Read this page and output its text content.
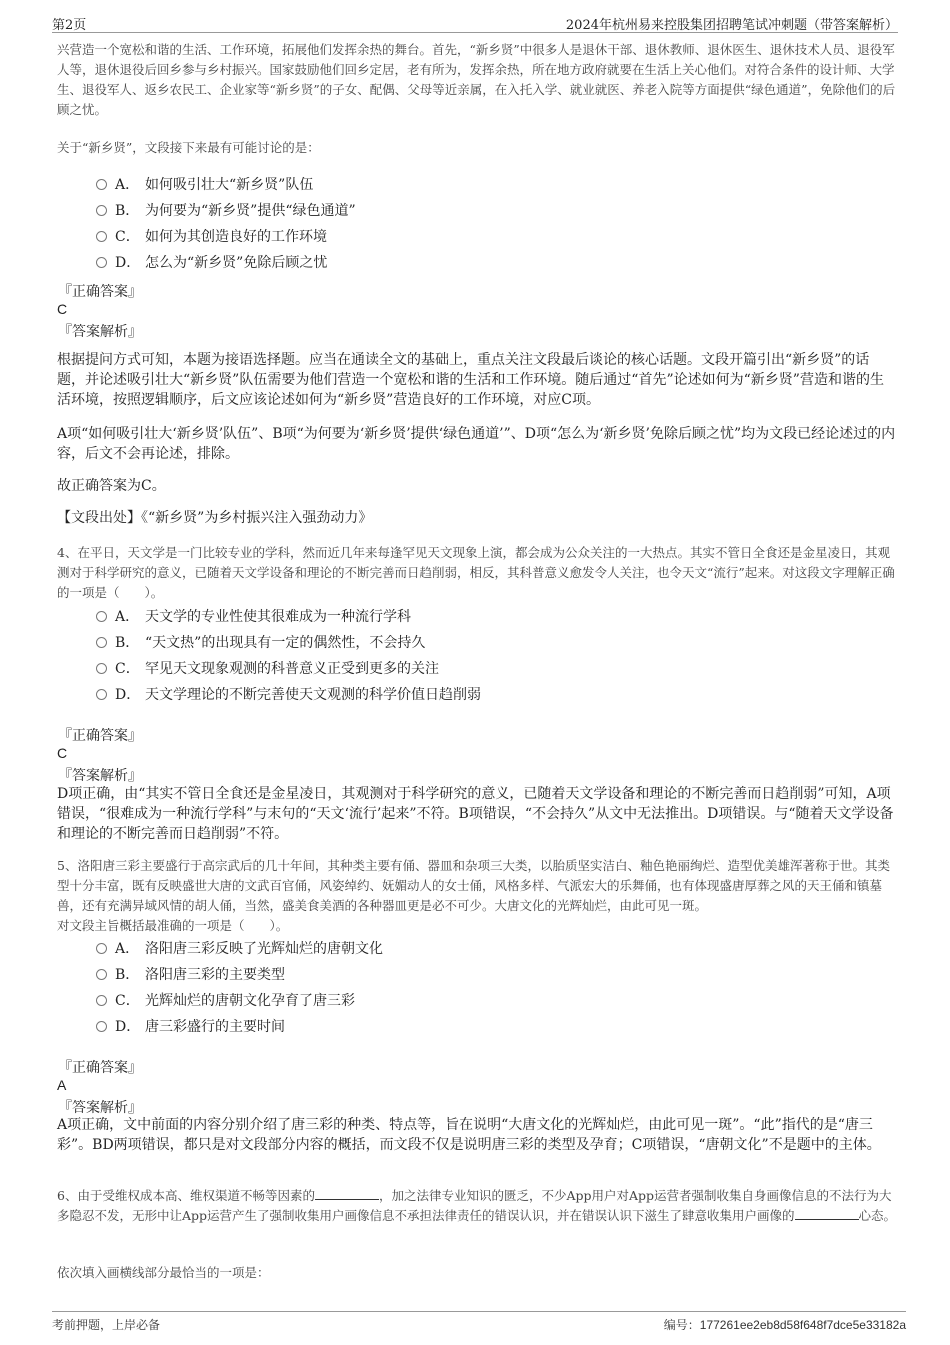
第2页	2024年杭州易来控股集团招聘笔试冲刺题（带答案解析）

兴营造一个宽松和谐的生活、工作环境，拓展他们发挥余热的舞台。首先，“新乡贤”中很多人是退休干部、退休教师、退休医生、退休技术人员、退役军人等，退休退役后回乡参与乡村振兴。国家鼓励他们回乡定居，老有所为，发挥余热，所在地方政府就要在生活上关心他们。对符合条件的设计师、大学生、退役军人、返乡农民工、企业家等“新乡贤”的子女、配偶、父母等近亲属，在入托入学、就业就医、养老入院等方面提供“绿色通道”，免除他们的后顾之忧。

关于“新乡贤”，文段接下来最有可能讨论的是：

A． 如何吸引壮大“新乡贤”队伍
B． 为何要为“新乡贤”提供“绿色通道”
C． 如何为其创造良好的工作环境
D． 怎么为“新乡贤”免除后顾之忧
『正确答案』
C
『答案解析』

根据提问方式可知，本题为接语选择题。应当在通读全文的基础上，重点关注文段最后谈论的核心话题。文段开篇引出“新乡贤”的话题，并论述吸引壮大“新乡贤”队伍需要为他们营造一个宽松和谐的生活和工作环境。随后通过“首先”论述如何为“新乡贤”营造和谐的生活环境，按照逻辑顺序，后文应该论述如何为“新乡贤”营造良好的工作环境，对应C项。

A项“如何吸引壮大‘新乡贤’队伍”、B项“为何要为‘新乡贤’提供‘绿色通道’”、D项“怎么为‘新乡贤’免除后顾之忧”均为文段已经论述过的内容，后文不会再论述，排除。

故正确答案为C。

【文段出处】《“新乡贤”为乡村振兴注入强劲动力》

4、在平日，天文学是一门比较专业的学科，然而近几年来每逢罕见天文现象上演，都会成为公众关注的一大热点。其实不管日全食还是金星凌日，其观测对于科学研究的意义，已随着天文学设备和理论的不断完善而日趋削弱，相反，其科普意义愈发令人关注，也令天文“流行”起来。对这段文字理解正确的一项是（　　）。

A． 天文学的专业性使其很难成为一种流行学科
B． “天文热”的出现具有一定的偶然性，不会持久
C． 罕见天文现象观测的科普意义正受到更多的关注
D． 天文学理论的不断完善使天文观测的科学价值日趋削弱
『正确答案』
C
『答案解析』

D项正确，由“其实不管日全食还是金星凌日，其观测对于科学研究的意义，已随着天文学设备和理论的不断完善而日趋削弱”可知，A项错误，“很难成为一种流行学科”与末句的“天文‘流行’起来”不符。B项错误，“不会持久”从文中无法推出。D项错误。与“随着天文学设备和理论的不断完善而日趋削弱”不符。

5、洛阳唐三彩主要盛行于高宗武后的几十年间，其种类主要有俑、器皿和杂项三大类，以胎质坚实洁白、釉色艳丽绚烂、造型优美雄浑著称于世。其类型十分丰富，既有反映盛世大唐的文武百官俑，风姿绰约、妩媚动人的女士俑，风格多样、气派宏大的乐舞俑，也有体现盛唐厚葬之风的天王俑和镇墓兽，还有充满异域风情的胡人俑，当然，盛美食美酒的各种器皿更是必不可少。大唐文化的光辉灿烂，由此可见一斑。

对文段主旨概括最准确的一项是（　　）。

A． 洛阳唐三彩反映了光辉灿烂的唐朝文化
B． 洛阳唐三彩的主要类型
C． 光辉灿烂的唐朝文化孕育了唐三彩
D． 唐三彩盛行的主要时间
『正确答案』
A
『答案解析』

A项正确，文中前面的内容分别介绍了唐三彩的种类、特点等，旨在说明“大唐文化的光辉灿烂，由此可见一斑”。“此”指代的是“唐三彩”。BD两项错误，都只是对文段部分内容的概括，而文段不仅是说明唐三彩的类型及孕育；C项错误，“唐朝文化”不是题中的主体。

6、由于受维权成本高、维权渠道不畅等因素的	，加之法律专业知识的匮乏，不少App用户对App运营者强制收集自身画像信息的不法行为大多隐忍不发，无形中让App运营产生了强制收集用户画像信息不承担法律责任的错误认识，并在错误认识下滋生了肆意收集用户画像的	心态。

依次填入画横线部分最恰当的一项是：

考前押题，上岸必备	编号：177261ee2eb8d58f648f7dce5e33182a
